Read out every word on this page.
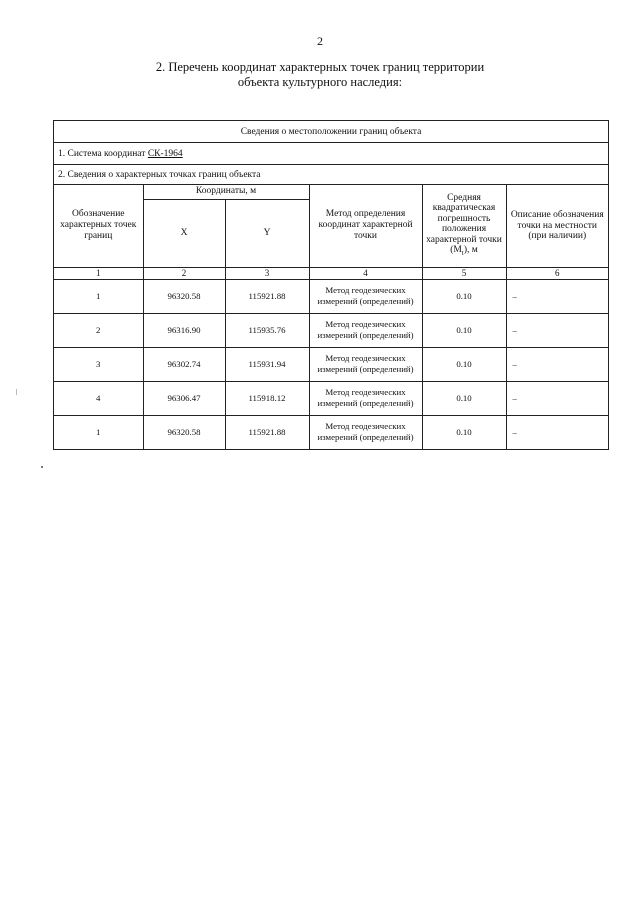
2
2. Перечень координат характерных точек границ территории
объекта культурного наследия:
Сведения о местоположении границ объекта
1. Система координат СК-1964
2. Сведения о характерных точках границ объекта
Обозначение характерных точек границ	Координаты, м		Метод определения координат характерной точки	Средняя квадратическая погрешность положения характерной точки $(M_t)$, м	Описание обозначения точки на местности (при наличии)
	X	Y			
1	2	3	4	5	6
1	96320.58	115921.88	Метод геодезических измерений (определений)	0.10	–
2	96316.90	115935.76	Метод геодезических измерений (определений)	0.10	–
3	96302.74	115931.94	Метод геодезических измерений (определений)	0.10	–
4	96306.47	115918.12	Метод геодезических измерений (определений)	0.10	–
1	96320.58	115921.88	Метод геодезических измерений (определений)	0.10	–
